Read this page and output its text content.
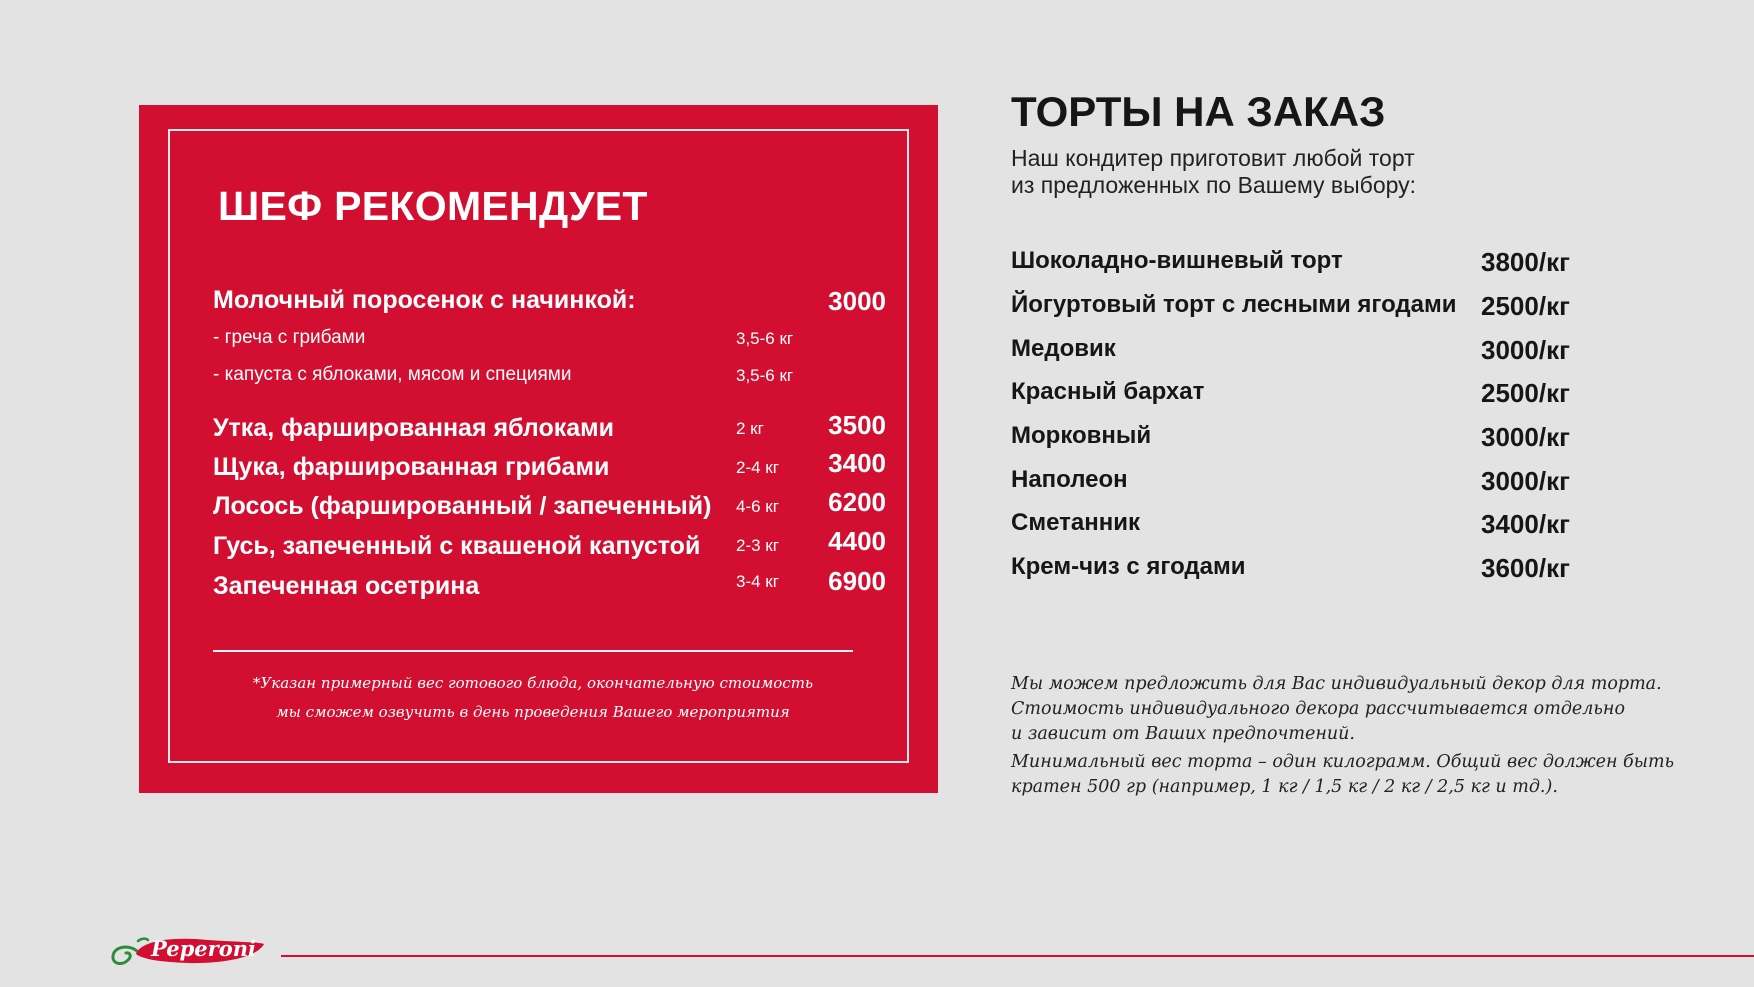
ШЕФ РЕКОМЕНДУЕТ
Молочный поросенок с начинкой:	3000
- греча с грибами	3,5-6 кг
- капуста с яблоками, мясом и специями	3,5-6 кг
Утка, фаршированная яблоками	2 кг	3500
Щука, фаршированная грибами	2-4 кг	3400
Лосось (фаршированный / запеченный) 4-6 кг	6200
Гусь, запеченный с квашеной капустой 2-3 кг	4400
Запеченная осетрина	3-4 кг	6900
*Указан примерный вес готового блюда, окончательную стоимость
мы сможем озвучить в день проведения Вашего мероприятия
ТОРТЫ НА ЗАКАЗ
Наш кондитер приготовит любой торт
из предложенных по Вашему выбору:
Шоколадно-вишневый торт	3800/кг
Йогуртовый торт с лесными ягодами 2500/кг
Медовик	3000/кг
Красный бархат	2500/кг
Морковный	3000/кг
Наполеон	3000/кг
Сметанник	3400/кг
Крем-чиз с ягодами	3600/кг

Мы можем предложить для Вас индивидуальный декор для торта.
Стоимость индивидуального декора рассчитывается отдельно
и зависит от Ваших предпочтений.

Минимальный вес торта – один килограмм. Общий вес должен быть
кратен 500 гр (например, 1 кг / 1,5 кг / 2 кг / 2,5 кг и тд.).

Peperoni
